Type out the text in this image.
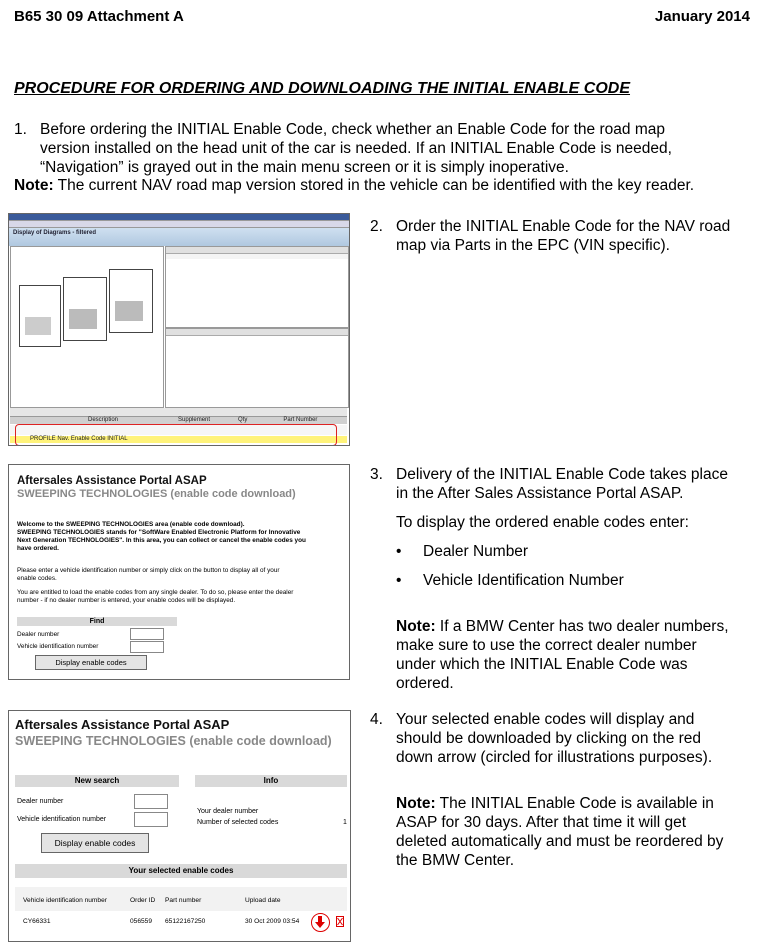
B65 30 09 Attachment A	January 2014
PROCEDURE FOR ORDERING AND DOWNLOADING THE INITIAL ENABLE CODE
1. Before ordering the INITIAL Enable Code, check whether an Enable Code for the road map
version installed on the head unit of the car is needed. If an INITIAL Enable Code is needed,
“Navigation” is grayed out in the main menu screen or it is simply inoperative.
Note: The current NAV road map version stored in the vehicle can be identified with the key reader.
Display of Diagrams - filtered
Description	Supplement	Qty	Part Number
PROFILE Nav. Enable Code INITIAL
2. Order the INITIAL Enable Code for the NAV road
map via Parts in the EPC (VIN specific).
Aftersales Assistance Portal ASAP
SWEEPING TECHNOLOGIES (enable code download)
Welcome to the SWEEPING TECHNOLOGIES area (enable code download).
SWEEPING TECHNOLOGIES stands for "SoftWare Enabled Electronic Platform for Innovative
Next Generation TECHNOLOGIES". In this area, you can collect or cancel the enable codes you
have ordered.
Please enter a vehicle identification number or simply click on the button to display all of your
enable codes.
You are entitled to load the enable codes from any single dealer. To do so, please enter the dealer
number - if no dealer number is entered, your enable codes will be displayed.
Find
Dealer number
Vehicle identification number
Display enable codes
3. Delivery of the INITIAL Enable Code takes place
in the After Sales Assistance Portal ASAP.
To display the ordered enable codes enter:
• Dealer Number
• Vehicle Identification Number
Note: If a BMW Center has two dealer numbers,
make sure to use the correct dealer number
under which the INITIAL Enable Code was
ordered.
Aftersales Assistance Portal ASAP
SWEEPING TECHNOLOGIES (enable code download)
New search	Info
Dealer number
Vehicle identification number
Your dealer number
Number of selected codes	1
Display enable codes
Your selected enable codes
Vehicle identification number	Order ID Part number	Upload date
CY66331	056559 65122167250	30 Oct 2009 03:54
4. Your selected enable codes will display and
should be downloaded by clicking on the red
down arrow (circled for illustrations purposes).
Note: The INITIAL Enable Code is available in
ASAP for 30 days. After that time it will get
deleted automatically and must be reordered by
the BMW Center.
